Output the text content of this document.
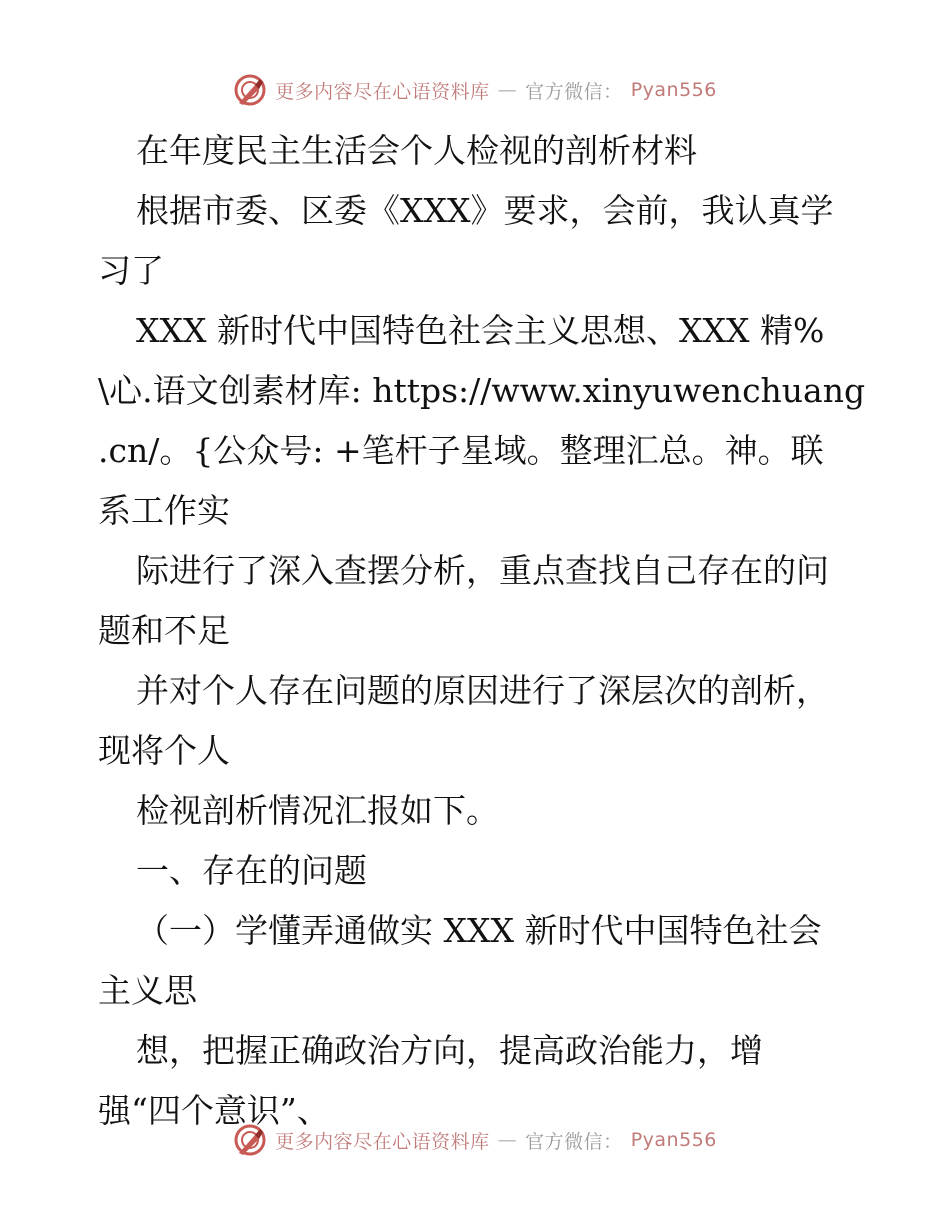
更多内容尽在心语资料库 — 官方微信： Pyan556

在年度民主生活会个人检视的剖析材料

根据市委、区委《XXX》要求，会前，我认真学

习了

XXX 新时代中国特色社会主义思想、XXX 精%

\心.语文创素材库: https://www.xinyuwenchuang

.cn/。{公众号: +笔杆子星域。整理汇总。神。联

系工作实

际进行了深入查摆分析，重点查找自己存在的问

题和不足

并对个人存在问题的原因进行了深层次的剖析，

现将个人

检视剖析情况汇报如下。

一、存在的问题

（一）学懂弄通做实 XXX 新时代中国特色社会

主义思

想，把握正确政治方向，提高政治能力，增

强“四个意识”、

更多内容尽在心语资料库 — 官方微信： Pyan556
